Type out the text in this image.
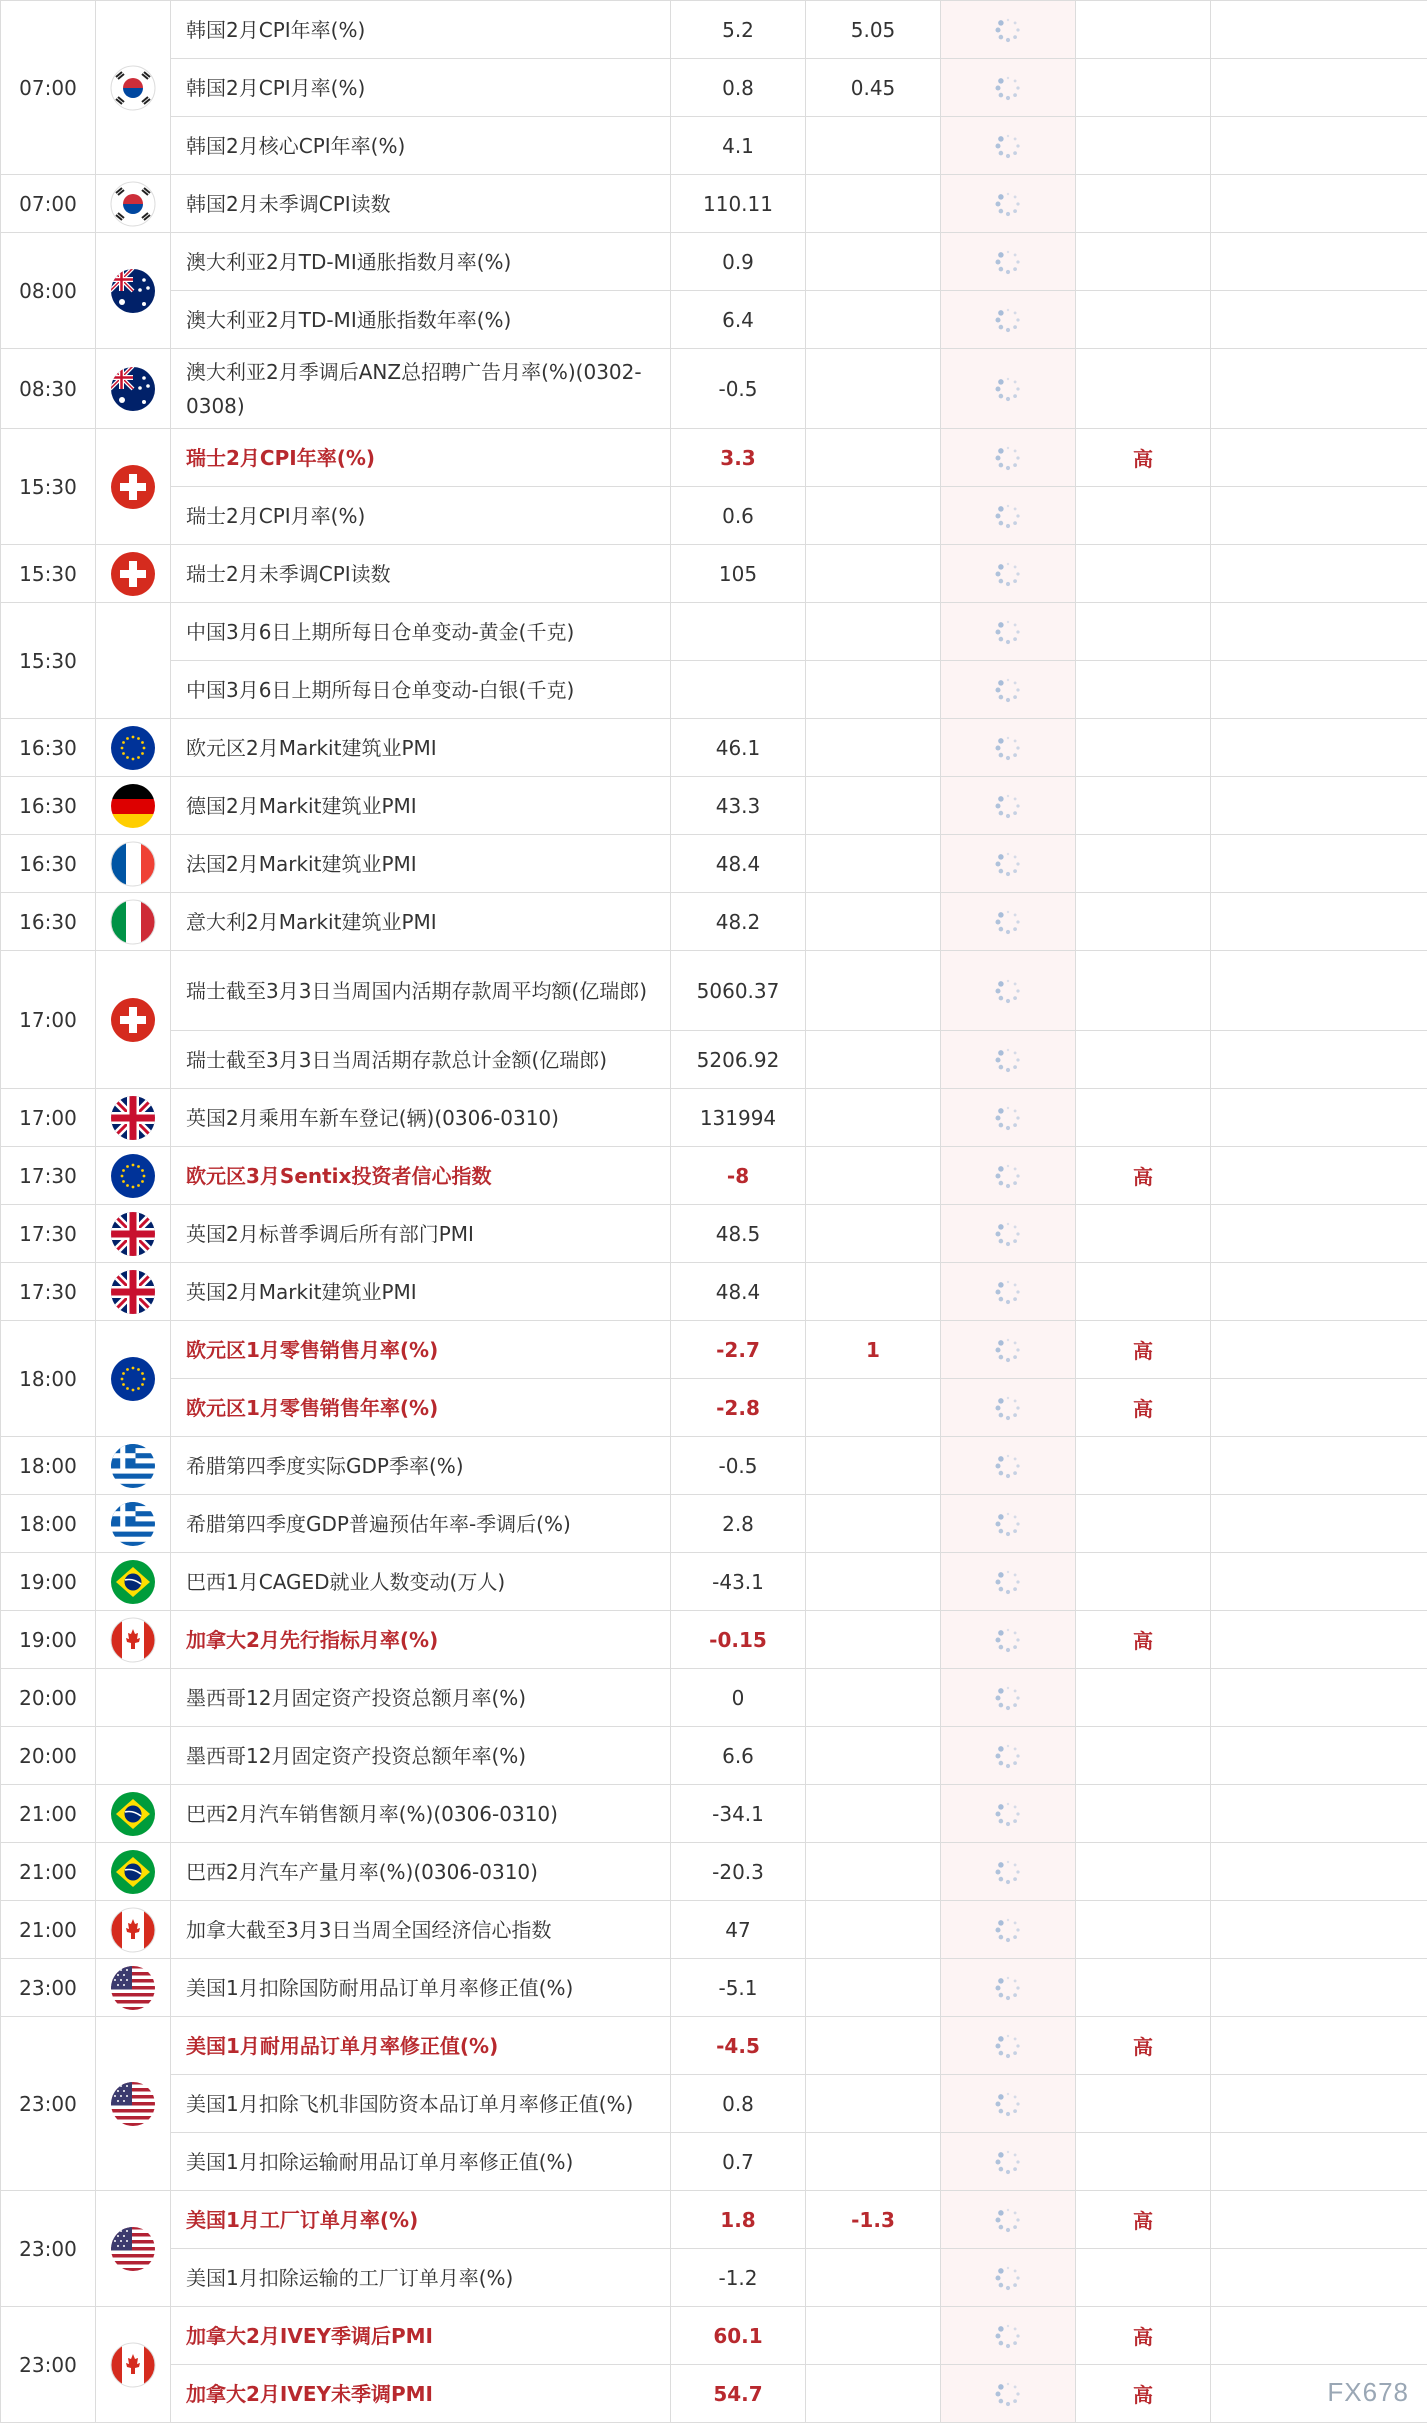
07:00		韩国2月CPI年率(%)	5.2	5.05	

		韩国2月CPI月率(%)	0.8	0.45	

		韩国2月核心CPI年率(%)	4.1		

07:00		韩国2月未季调CPI读数	110.11		

08:00		澳大利亚2月TD-MI通胀指数月率(%)	0.9		

		澳大利亚2月TD-MI通胀指数年率(%)	6.4		

08:30		澳大利亚2月季调后ANZ总招聘广告月率(%)(0302-0308)	-0.5		

15:30		瑞士2月CPI年率(%)	3.3			高		

		瑞士2月CPI月率(%)	0.6		

15:30		瑞士2月未季调CPI读数	105		

15:30		中国3月6日上期所每日仓单变动-黄金(千克)			

		中国3月6日上期所每日仓单变动-白银(千克)			

16:30		欧元区2月Markit建筑业PMI	46.1		

16:30		德国2月Markit建筑业PMI	43.3		

16:30		法国2月Markit建筑业PMI	48.4		

16:30		意大利2月Markit建筑业PMI	48.2		

17:00		瑞士截至3月3日当周国内活期存款周平均额(亿瑞郎)	5060.37		

		瑞士截至3月3日当周活期存款总计金额(亿瑞郎)	5206.92		

17:00		英国2月乘用车新车登记(辆)(0306-0310)	131994		

17:30		欧元区3月Sentix投资者信心指数	-8			高		

17:30		英国2月标普季调后所有部门PMI	48.5		

17:30		英国2月Markit建筑业PMI	48.4		

18:00		欧元区1月零售销售月率(%)	-2.7	1		高		

		欧元区1月零售销售年率(%)	-2.8			高		

18:00		希腊第四季度实际GDP季率(%)	-0.5		

18:00		希腊第四季度GDP普遍预估年率-季调后(%)	2.8		

19:00		巴西1月CAGED就业人数变动(万人)	-43.1		

19:00		加拿大2月先行指标月率(%)	-0.15			高		

20:00		墨西哥12月固定资产投资总额月率(%)	0		

20:00		墨西哥12月固定资产投资总额年率(%)	6.6		

21:00		巴西2月汽车销售额月率(%)(0306-0310)	-34.1		

21:00		巴西2月汽车产量月率(%)(0306-0310)	-20.3		

21:00		加拿大截至3月3日当周全国经济信心指数	47		

23:00		美国1月扣除国防耐用品订单月率修正值(%)	-5.1		

23:00		美国1月耐用品订单月率修正值(%)	-4.5			高		

		美国1月扣除飞机非国防资本品订单月率修正值(%)	0.8		

		美国1月扣除运输耐用品订单月率修正值(%)	0.7		

23:00		美国1月工厂订单月率(%)	1.8	-1.3		高		

		美国1月扣除运输的工厂订单月率(%)	-1.2		

23:00		加拿大2月IVEY季调后PMI	60.1			高		

		加拿大2月IVEY未季调PMI	54.7			高			FX678
